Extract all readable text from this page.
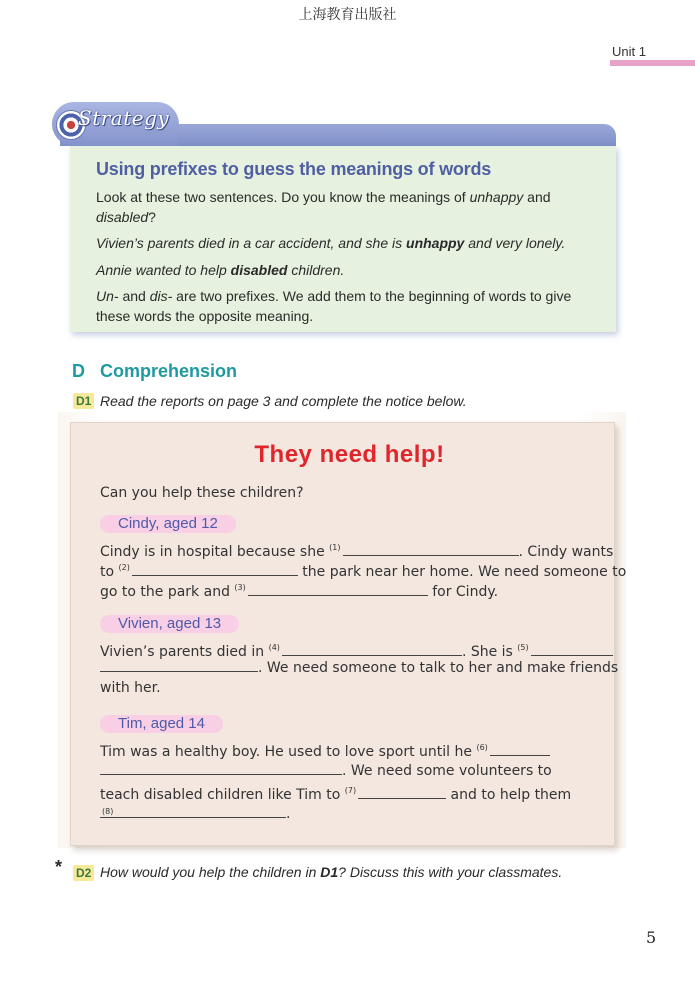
上海教育出版社
Unit 1
Strategy
Using prefixes to guess the meanings of words
Look at these two sentences. Do you know the meanings of unhappy and
disabled?
Vivien’s parents died in a car accident, and she is unhappy and very lonely.
Annie wanted to help disabled children.
Un- and dis- are two prefixes. We add them to the beginning of words to give these words the opposite meaning.
D Comprehension
D1 Read the reports on page 3 and complete the notice below.
They need help!
Can you help these children?
Cindy, aged 12
Cindy is in hospital because she $^{(1)}$	. Cindy wants
to $^{(2)}$	the park near her home. We need someone to
go to the park and $^{(3)}$	for Cindy.
Vivien, aged 13
Vivien’s parents died in $^{(4)}$	. She is $^{(5)}$
. We need someone to talk to her and make friends
with her.
Tim, aged 14
Tim was a healthy boy. He used to love sport until he $^{(6)}$
. We need some volunteers to
teach disabled children like Tim to $^{(7)}$	and to help them
(8)	.
* D2 How would you help the children in D1? Discuss this with your classmates.
5
